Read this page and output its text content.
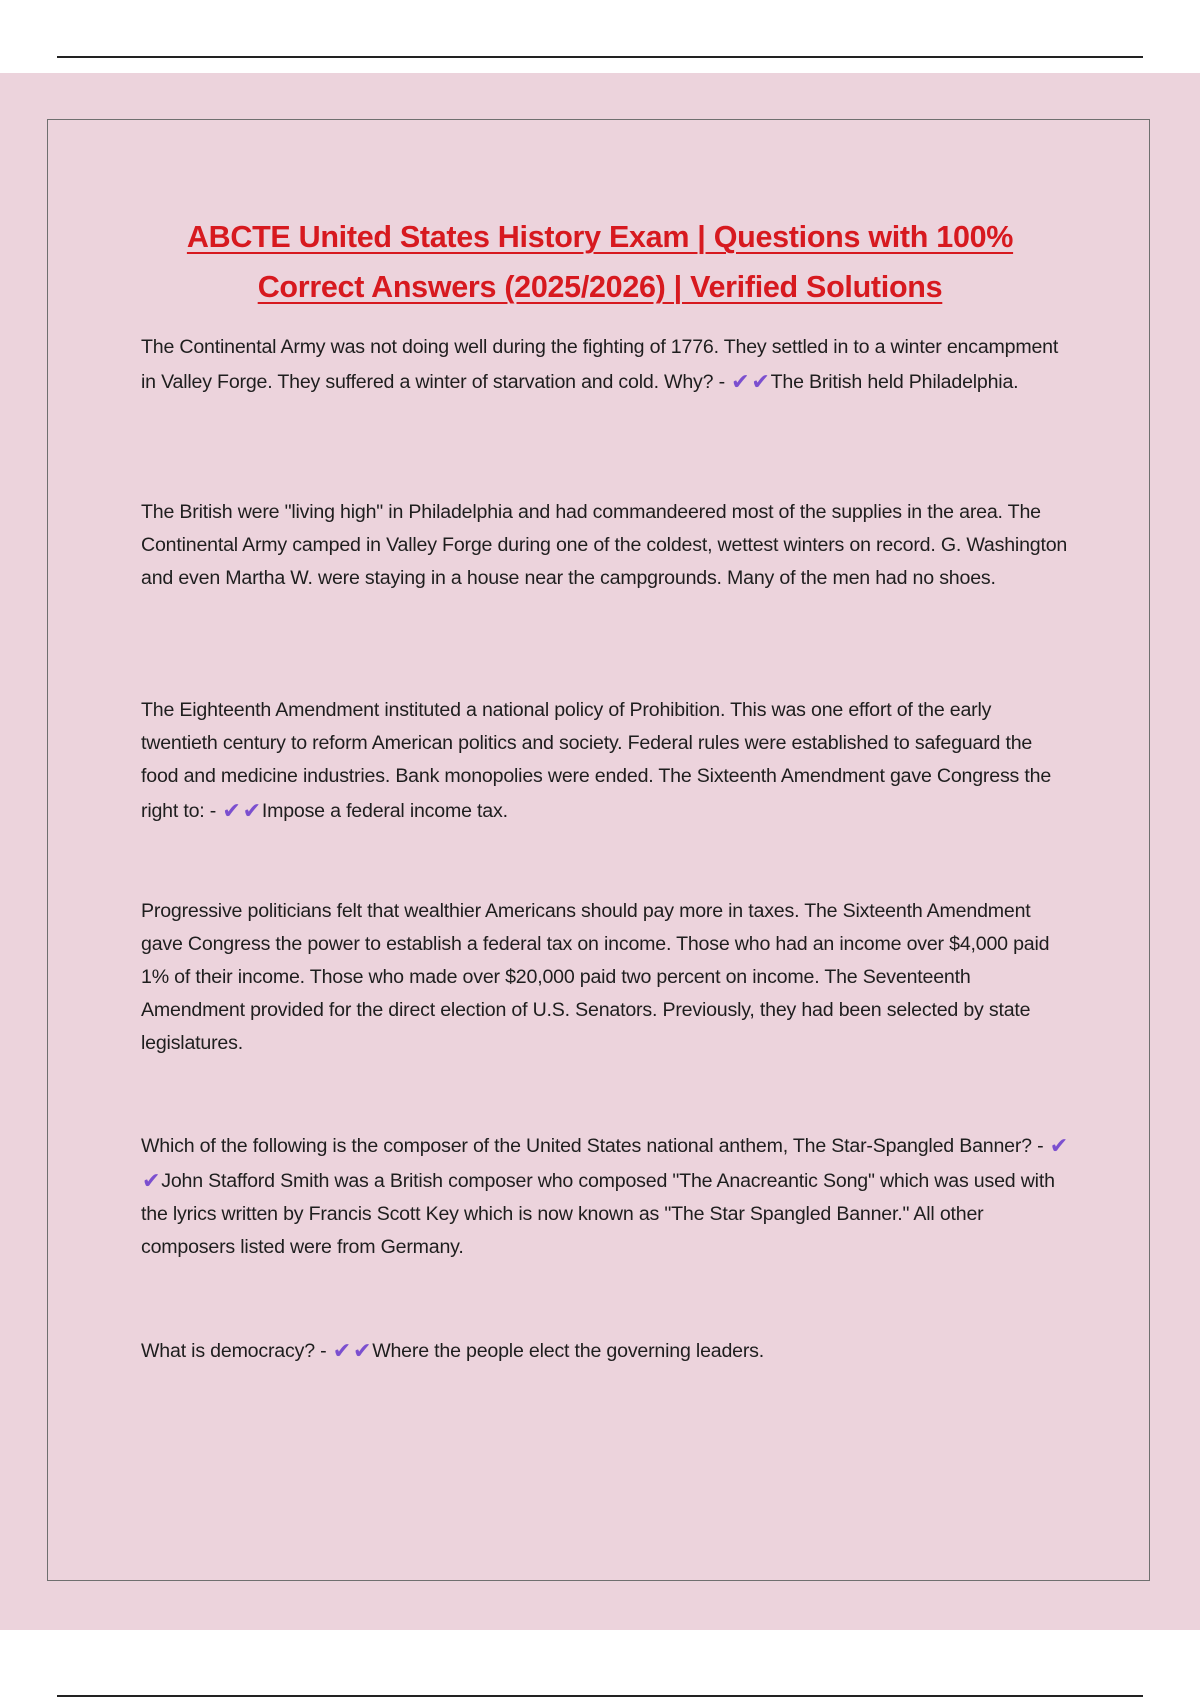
ABCTE United States History Exam | Questions with 100%
Correct Answers (2025/2026) | Verified Solutions
The Continental Army was not doing well during the fighting of 1776. They settled in to a winter encampment in Valley Forge. They suffered a winter of starvation and cold. Why? - ✔✔The British held Philadelphia.
The British were "living high" in Philadelphia and had commandeered most of the supplies in the area. The Continental Army camped in Valley Forge during one of the coldest, wettest winters on record. G. Washington and even Martha W. were staying in a house near the campgrounds. Many of the men had no shoes.
The Eighteenth Amendment instituted a national policy of Prohibition. This was one effort of the early twentieth century to reform American politics and society. Federal rules were established to safeguard the food and medicine industries. Bank monopolies were ended. The Sixteenth Amendment gave Congress the right to: - ✔✔Impose a federal income tax.
Progressive politicians felt that wealthier Americans should pay more in taxes. The Sixteenth Amendment gave Congress the power to establish a federal tax on income. Those who had an income over $4,000 paid 1% of their income. Those who made over $20,000 paid two percent on income. The Seventeenth Amendment provided for the direct election of U.S. Senators. Previously, they had been selected by state legislatures.
Which of the following is the composer of the United States national anthem, The Star-Spangled Banner? - ✔✔John Stafford Smith was a British composer who composed "The Anacreantic Song" which was used with the lyrics written by Francis Scott Key which is now known as "The Star Spangled Banner." All other composers listed were from Germany.
What is democracy? - ✔✔Where the people elect the governing leaders.
